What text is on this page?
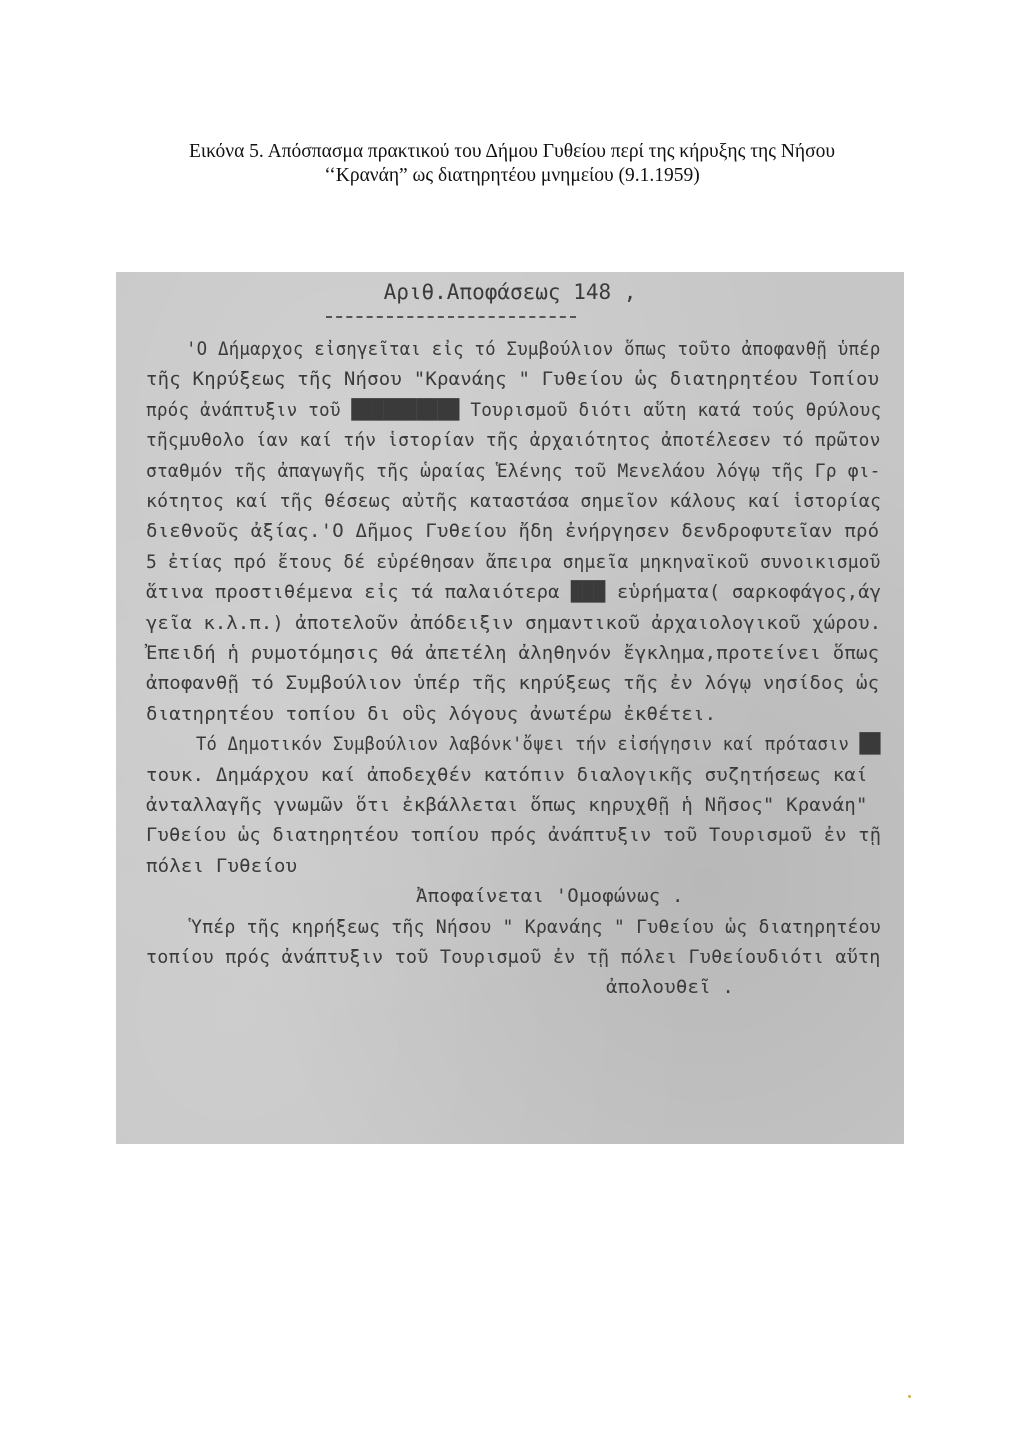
Εικόνα 5. Απόσπασμα πρακτικού του Δήμου Γυθείου περί της κήρυξης της Νήσου
‘‘Κρανάη” ως διατηρητέου μνημείου (9.1.1959)
Αριθ.Αποφάσεως 148 ,
'Ο Δήμαρχος εἰσηγεῖται εἰς τό Συμβούλιον ὅπως τοῦτο ἀποφανθῇ ὑπέρ
τῆς Κηρύξεως τῆς Νήσου "Κρανάης " Γυθείου ὡς διατηρητέου Τοπίου
πρός ἀνάπτυξιν τοῦ ██████████ Τουρισμοῦ διότι αὕτη κατά τούς θρύλους
τῆςμυθολο ίαν καί τήν ἱστορίαν τῆς ἀρχαιότητος ἀποτέλεσεν τό πρῶτον
σταθμόν τῆς ἀπαγωγῆς τῆς ὡραίας Ἑλένης τοῦ Μενελάου λόγῳ τῆς Γρ φι-
κότητος καί τῆς θέσεως αὐτῆς καταστάσα σημεῖον κάλους καί ἱστορίας
διεθνοῦς ἀξίας.'Ο Δῆμος Γυθείου ἤδη ἐνήργησεν δενδροφυτεῖαν πρό
5 ἐτίας πρό ἔτους δέ εὑρέθησαν ἄπειρα σημεῖα μηκηναϊκοῦ συνοικισμοῦ
ἅτινα προστιθέμενα εἰς τά παλαιότερα ███ εὑρήματα( σαρκοφάγος,άγ
γεῖα κ.λ.π.) ἀποτελοῦν ἀπόδειξιν σημαντικοῦ ἀρχαιολογικοῦ χώρου.
Ἐπειδή ἡ ρυμοτόμησις θά ἀπετέλη ἀληθηνόν ἔγκλημα,προτείνει ὅπως
ἀποφανθῇ τό Συμβούλιον ὑπέρ τῆς κηρύξεως τῆς ἐν λόγῳ νησίδος ὡς
διατηρητέου τοπίου δι οὓς λόγους ἀνωτέρω ἐκθέτει.
Τό Δημοτικόν Συμβούλιον λαβόνκ'ὄψει τήν εἰσήγησιν καί πρότασιν ██
τουκ. Δημάρχου καί ἀποδεχθέν κατόπιν διαλογικῆς συζητήσεως καί
ἀνταλλαγῆς γνωμῶν ὅτι ἐκβάλλεται ὅπως κηρυχθῇ ἡ Νῆσος" Κρανάη"
Γυθείου ὡς διατηρητέου τοπίου πρός ἀνάπτυξιν τοῦ Τουρισμοῦ ἐν τῇ
πόλει Γυθείου
Ἀποφαίνεται 'Ομοφώνως .
Ὑπέρ τῆς κηρήξεως τῆς Νήσου " Κρανάης " Γυθείου ὡς διατηρητέου
τοπίου πρός ἀνάπτυξιν τοῦ Τουρισμοῦ ἐν τῇ πόλει Γυθείουδιότι αὕτη
ἀπολουθεῖ .
